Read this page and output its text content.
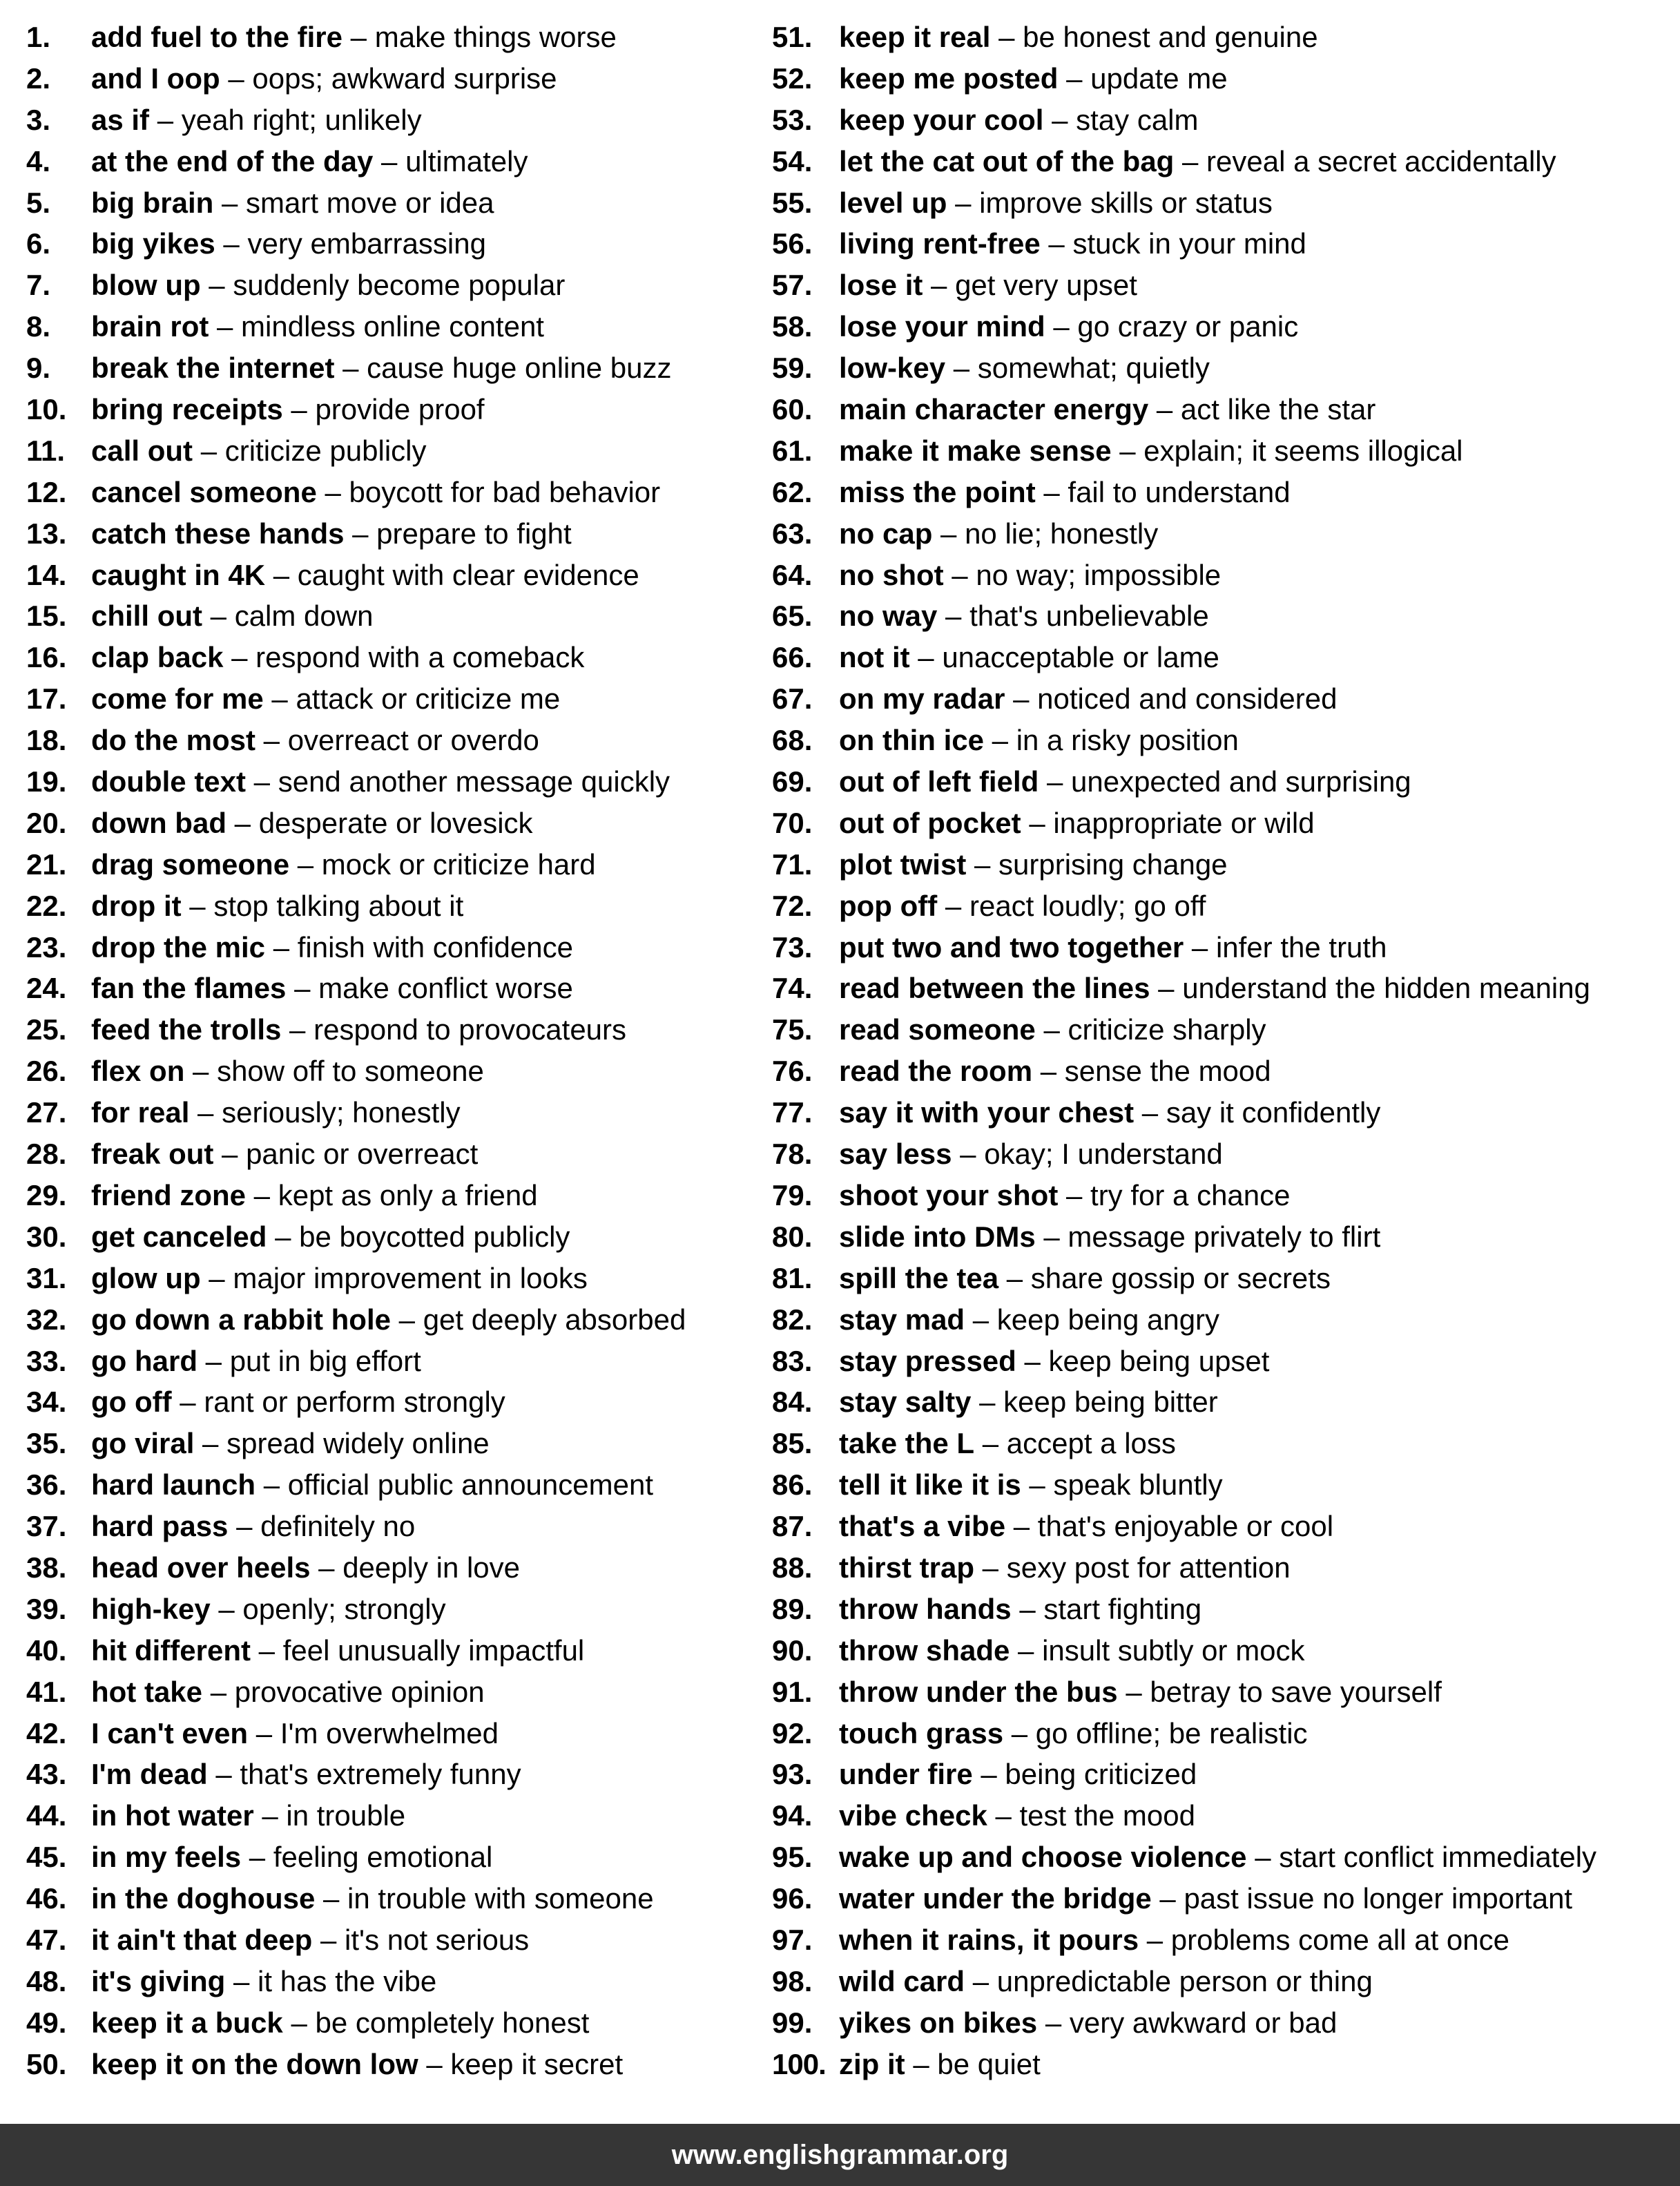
1. add fuel to the fire – make things worse
2. and I oop – oops; awkward surprise
3. as if – yeah right; unlikely
4. at the end of the day – ultimately
5. big brain – smart move or idea
6. big yikes – very embarrassing
7. blow up – suddenly become popular
8. brain rot – mindless online content
9. break the internet – cause huge online buzz
10. bring receipts – provide proof
11. call out – criticize publicly
12. cancel someone – boycott for bad behavior
13. catch these hands – prepare to fight
14. caught in 4K – caught with clear evidence
15. chill out – calm down
16. clap back – respond with a comeback
17. come for me – attack or criticize me
18. do the most – overreact or overdo
19. double text – send another message quickly
20. down bad – desperate or lovesick
21. drag someone – mock or criticize hard
22. drop it – stop talking about it
23. drop the mic – finish with confidence
24. fan the flames – make conflict worse
25. feed the trolls – respond to provocateurs
26. flex on – show off to someone
27. for real – seriously; honestly
28. freak out – panic or overreact
29. friend zone – kept as only a friend
30. get canceled – be boycotted publicly
31. glow up – major improvement in looks
32. go down a rabbit hole – get deeply absorbed
33. go hard – put in big effort
34. go off – rant or perform strongly
35. go viral – spread widely online
36. hard launch – official public announcement
37. hard pass – definitely no
38. head over heels – deeply in love
39. high-key – openly; strongly
40. hit different – feel unusually impactful
41. hot take – provocative opinion
42. I can't even – I'm overwhelmed
43. I'm dead – that's extremely funny
44. in hot water – in trouble
45. in my feels – feeling emotional
46. in the doghouse – in trouble with someone
47. it ain't that deep – it's not serious
48. it's giving – it has the vibe
49. keep it a buck – be completely honest
50. keep it on the down low – keep it secret
51. keep it real – be honest and genuine
52. keep me posted – update me
53. keep your cool – stay calm
54. let the cat out of the bag – reveal a secret accidentally
55. level up – improve skills or status
56. living rent-free – stuck in your mind
57. lose it – get very upset
58. lose your mind – go crazy or panic
59. low-key – somewhat; quietly
60. main character energy – act like the star
61. make it make sense – explain; it seems illogical
62. miss the point – fail to understand
63. no cap – no lie; honestly
64. no shot – no way; impossible
65. no way – that's unbelievable
66. not it – unacceptable or lame
67. on my radar – noticed and considered
68. on thin ice – in a risky position
69. out of left field – unexpected and surprising
70. out of pocket – inappropriate or wild
71. plot twist – surprising change
72. pop off – react loudly; go off
73. put two and two together – infer the truth
74. read between the lines – understand the hidden meaning
75. read someone – criticize sharply
76. read the room – sense the mood
77. say it with your chest – say it confidently
78. say less – okay; I understand
79. shoot your shot – try for a chance
80. slide into DMs – message privately to flirt
81. spill the tea – share gossip or secrets
82. stay mad – keep being angry
83. stay pressed – keep being upset
84. stay salty – keep being bitter
85. take the L – accept a loss
86. tell it like it is – speak bluntly
87. that's a vibe – that's enjoyable or cool
88. thirst trap – sexy post for attention
89. throw hands – start fighting
90. throw shade – insult subtly or mock
91. throw under the bus – betray to save yourself
92. touch grass – go offline; be realistic
93. under fire – being criticized
94. vibe check – test the mood
95. wake up and choose violence – start conflict immediately
96. water under the bridge – past issue no longer important
97. when it rains, it pours – problems come all at once
98. wild card – unpredictable person or thing
99. yikes on bikes – very awkward or bad
100. zip it – be quiet
www.englishgrammar.org
